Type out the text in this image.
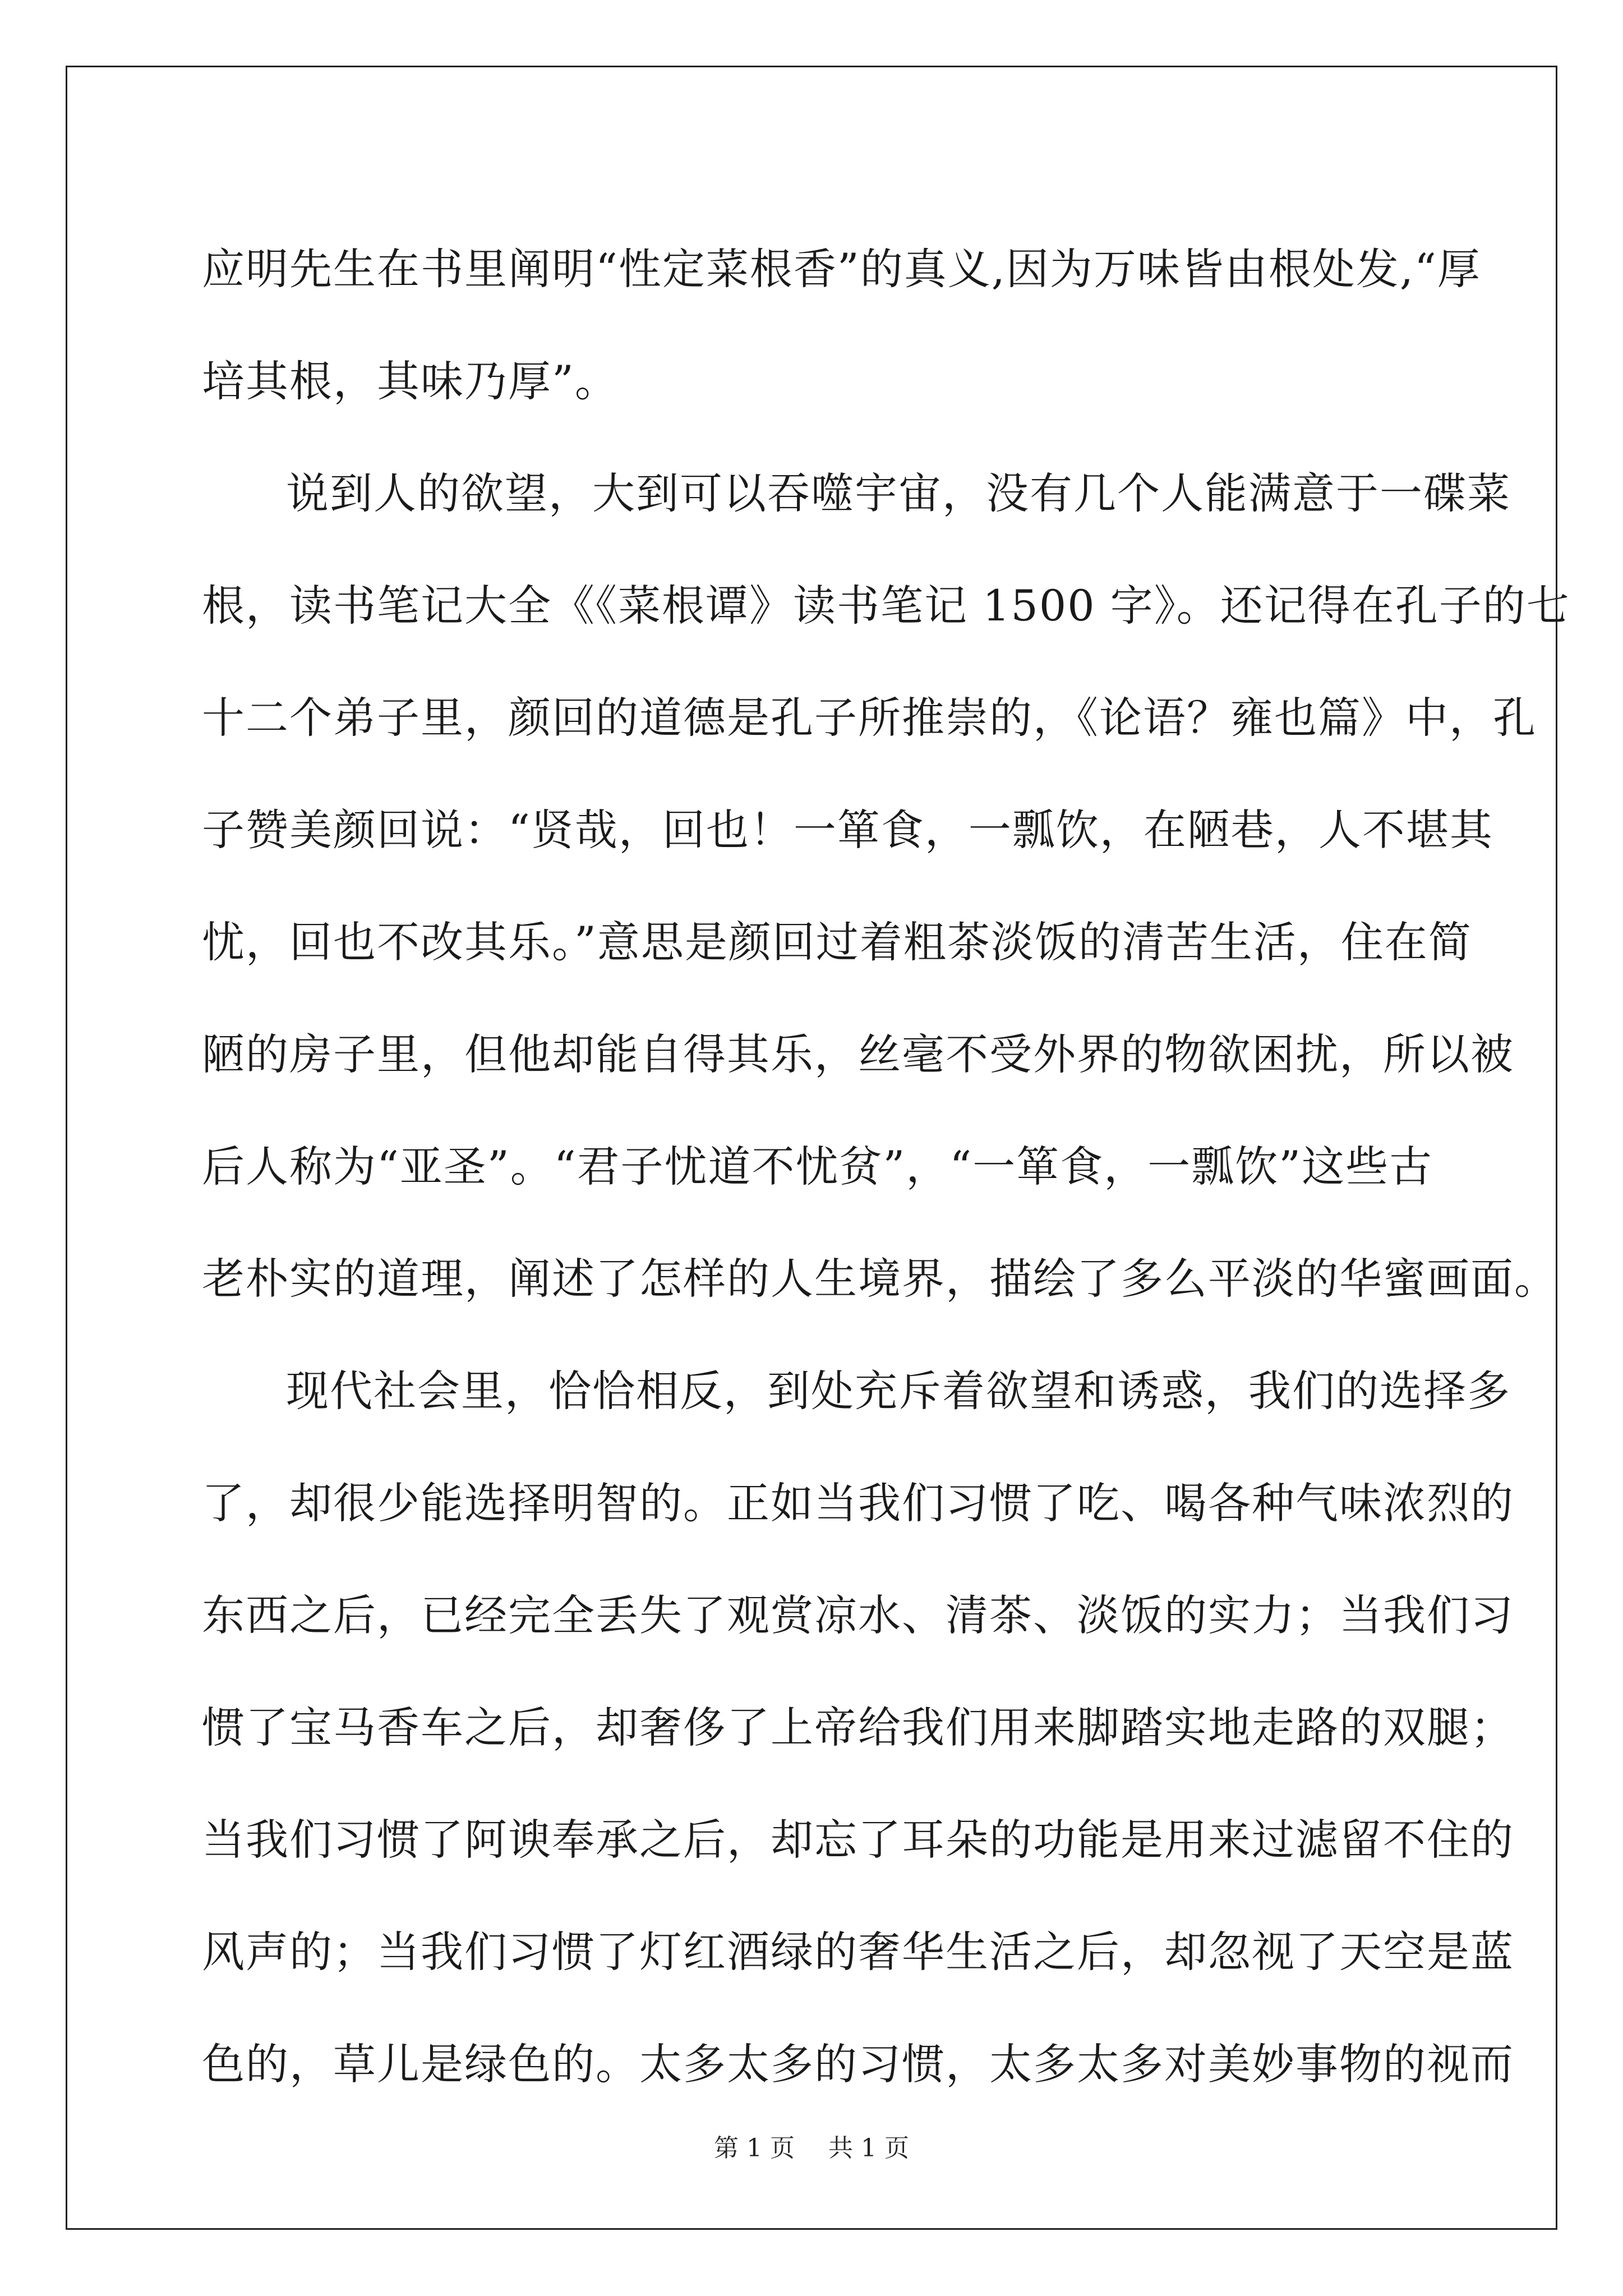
应明先生在书里阐明“性定菜根香”的真义,因为万味皆由根处发,“厚
培其根，其味乃厚”。
说到人的欲望，大到可以吞噬宇宙，没有几个人能满意于一碟菜
根，读书笔记大全《《菜根谭》读书笔记 1500 字》。还记得在孔子的七
十二个弟子里，颜回的道德是孔子所推崇的，《论语？雍也篇》中，孔
子赞美颜回说：“贤哉，回也！一箪食，一瓢饮，在陋巷，人不堪其
忧，回也不改其乐。”意思是颜回过着粗茶淡饭的清苦生活，住在简
陋的房子里，但他却能自得其乐，丝毫不受外界的物欲困扰，所以被
后人称为“亚圣”。“君子忧道不忧贫”，“一箪食，一瓢饮”这些古
老朴实的道理，阐述了怎样的人生境界，描绘了多么平淡的华蜜画面。
现代社会里，恰恰相反，到处充斥着欲望和诱惑，我们的选择多
了，却很少能选择明智的。正如当我们习惯了吃、喝各种气味浓烈的
东西之后，已经完全丢失了观赏凉水、清茶、淡饭的实力；当我们习
惯了宝马香车之后，却奢侈了上帝给我们用来脚踏实地走路的双腿；
当我们习惯了阿谀奉承之后，却忘了耳朵的功能是用来过滤留不住的
风声的；当我们习惯了灯红酒绿的奢华生活之后，却忽视了天空是蓝
色的，草儿是绿色的。太多太多的习惯，太多太多对美妙事物的视而
第 1 页 共 1 页
